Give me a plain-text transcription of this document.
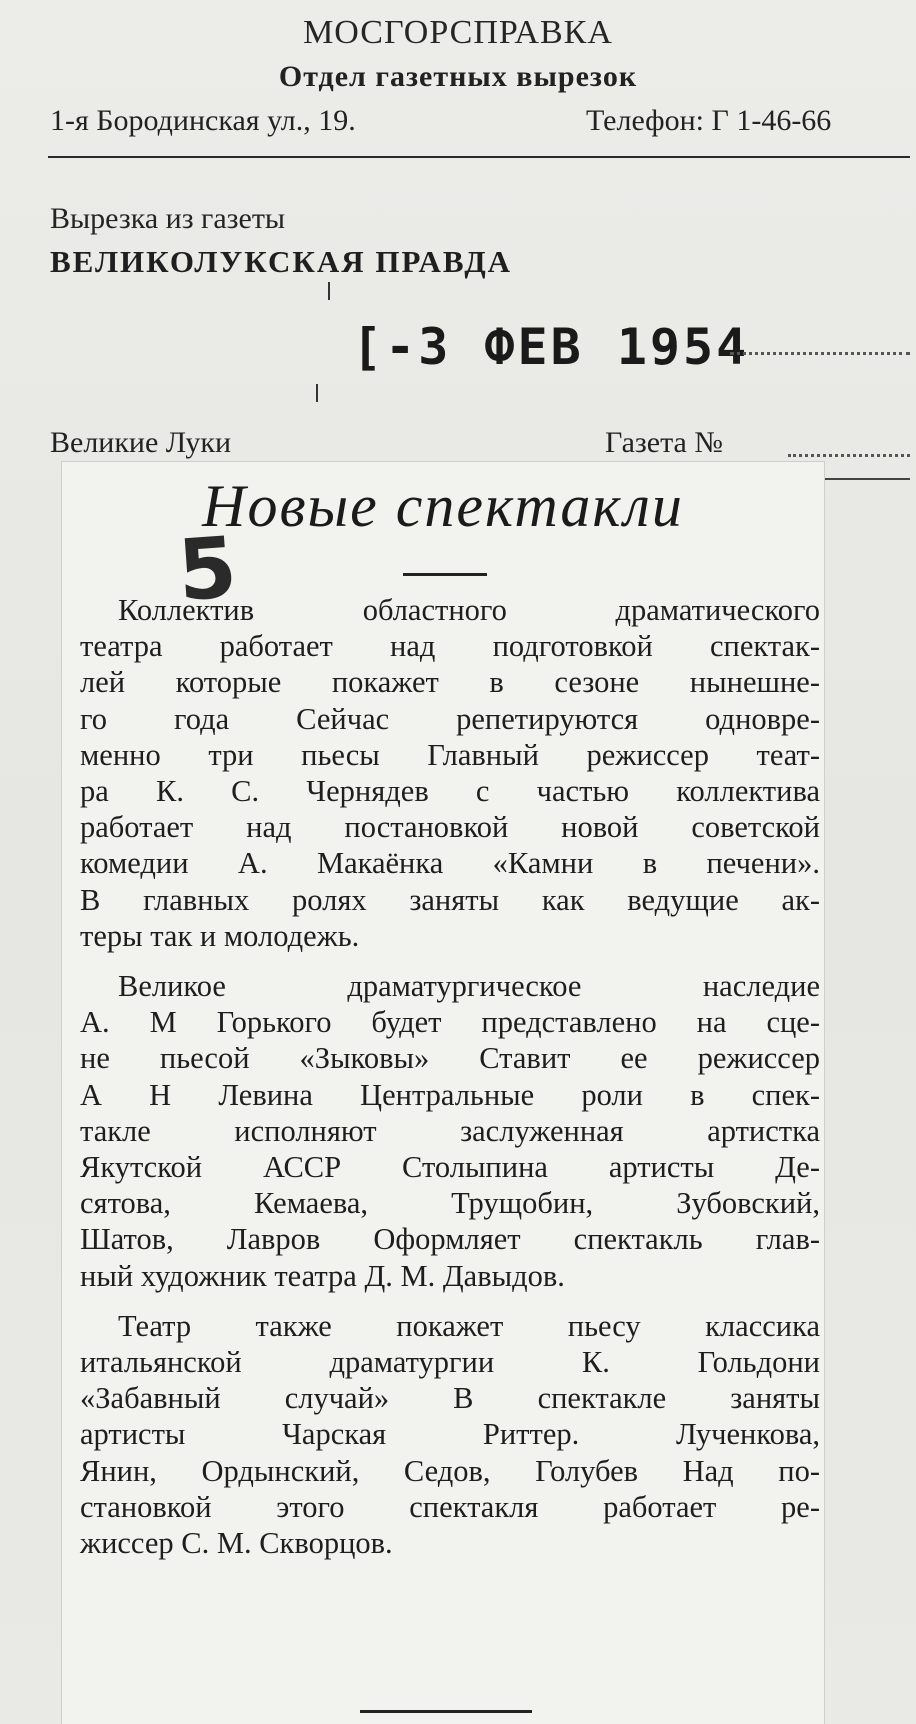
МОСГОРСПРАВКА
Отдел газетных вырезок
1-я Бородинская ул., 19.	Телефон: Г 1-46-66
Вырезка из газеты
ВЕЛИКОЛУКСКАЯ ПРАВДА
[-3 ФЕВ 1954
Великие Луки	Газета №
Новые спектакли
5

Коллектив областного драматического
театра работает над подготовкой спектак-
лей которые покажет в сезоне нынешне-
го года Сейчас репетируются одновре-
менно три пьесы Главный режиссер теат-
ра К. С. Чернядев с частью коллектива
работает над постановкой новой советской
комедии А. Макаёнка «Камни в печени».
В главных ролях заняты как ведущие ак-
теры так и молодежь.

Великое драматургическое наследие
А. М Горького будет представлено на сце-
не пьесой «Зыковы» Ставит ее режиссер
А Н Левина Центральные роли в спек-
такле исполняют заслуженная артистка
Якутской АССР Столыпина артисты Де-
сятова, Кемаева, Трущобин, Зубовский,
Шатов, Лавров Оформляет спектакль глав-
ный художник театра Д. М. Давыдов.

Театр также покажет пьесу классика
итальянской драматургии К. Гольдони
«Забавный случай» В спектакле заняты
артисты Чарская Риттер. Лученкова,
Янин, Ордынский, Седов, Голубев Над по-
становкой этого спектакля работает ре-
жиссер С. М. Скворцов.
